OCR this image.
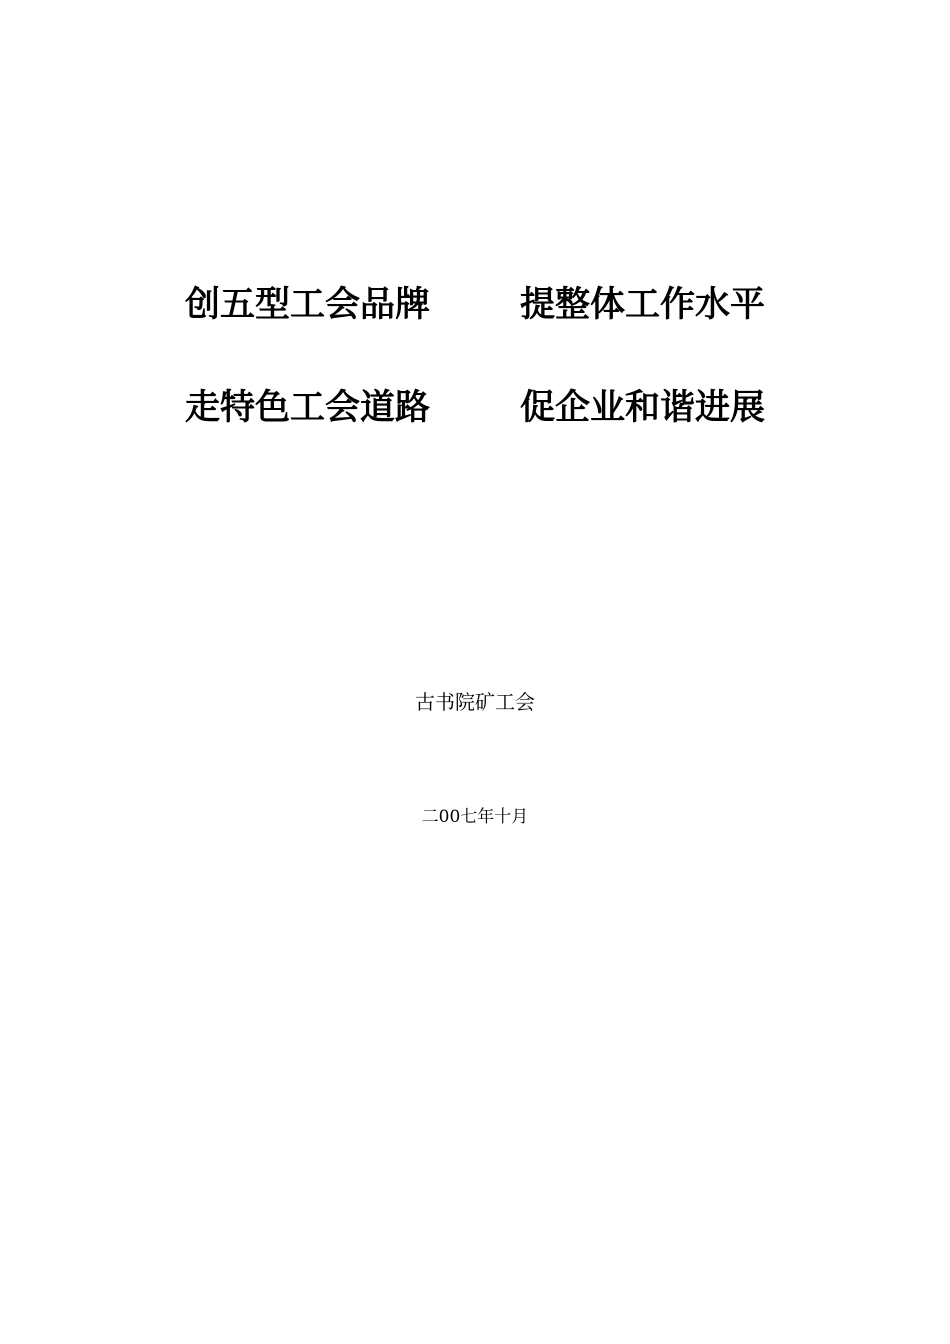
创五型工会品牌	提整体工作水平
走特色工会道路	促企业和谐进展
古书院矿工会
二00七年十月
